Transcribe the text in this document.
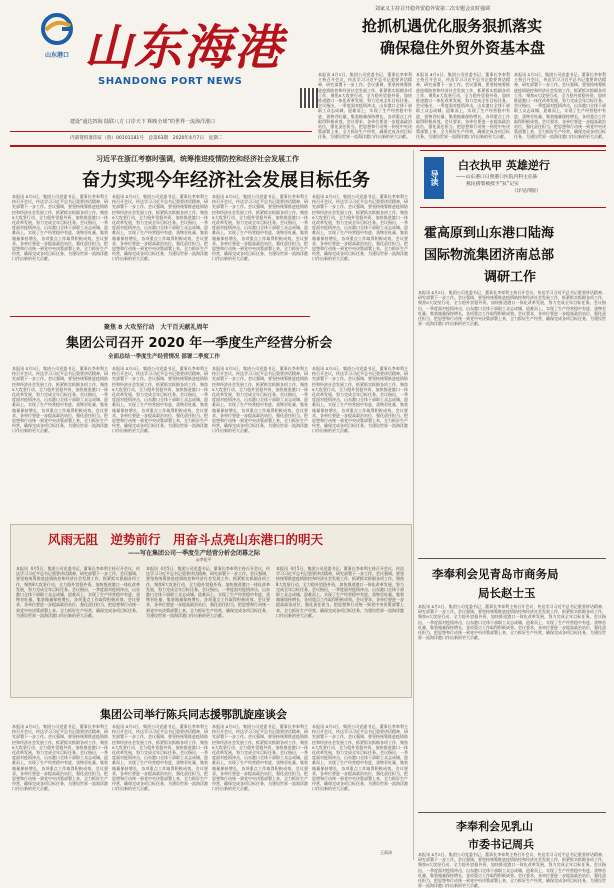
山东港口 山东海港
SHANDONG PORT NEWS
建设“通达四海 陆联八方 口岸天下 辉映全球”的世界一流海洋港口
刘家义主持召开稳外贸稳外资第二次专题会议时强调
抢抓机遇优化服务狠抓落实
确保稳住外贸外资基本盘
本报讯 4月5日，集团公司党委书记、董事长李奉利主持召开会议，传达学习习近平总书记重要讲话精神，研究部署下一步工作。会议强调，要坚持统筹推进疫情防控和经济社会发展工作，抓紧抓实抓细各项工作，聚焦8大攻坚行动，全力稳外贸稳外资，加快推进港口一体化改革发展，努力完成全年目标任务。会议指出，一季度面对疫情冲击，山东港口全体干部职工众志成城、迎难而上，实现了生产经营稳中有进，货物吞吐量、集装箱量保持增长，各项重点工作取得积极成效。会议要求，各单位要进一步提高政治站位，强化责任担当，把思想和行动统一到党中央决策部署上来，全力抓好生产经营，确保完成各项目标任务，为建设世界一流海洋港口作出新的更大贡献。
本报讯 4月5日，集团公司党委书记、董事长李奉利主持召开会议，传达学习习近平总书记重要讲话精神，研究部署下一步工作。会议强调，要坚持统筹推进疫情防控和经济社会发展工作，抓紧抓实抓细各项工作，聚焦8大攻坚行动，全力稳外贸稳外资，加快推进港口一体化改革发展，努力完成全年目标任务。会议指出，一季度面对疫情冲击，山东港口全体干部职工众志成城、迎难而上，实现了生产经营稳中有进，货物吞吐量、集装箱量保持增长，各项重点工作取得积极成效。会议要求，各单位要进一步提高政治站位，强化责任担当，把思想和行动统一到党中央决策部署上来，全力抓好生产经营，确保完成各项目标任务，为建设世界一流海洋港口作出新的更大贡献。
本报讯 4月5日，集团公司党委书记、董事长李奉利主持召开会议，传达学习习近平总书记重要讲话精神，研究部署下一步工作。会议强调，要坚持统筹推进疫情防控和经济社会发展工作，抓紧抓实抓细各项工作，聚焦8大攻坚行动，全力稳外贸稳外资，加快推进港口一体化改革发展，努力完成全年目标任务。会议指出，一季度面对疫情冲击，山东港口全体干部职工众志成城、迎难而上，实现了生产经营稳中有进，货物吞吐量、集装箱量保持增长，各项重点工作取得积极成效。会议要求，各单位要进一步提高政治站位，强化责任担当，把思想和行动统一到党中央决策部署上来，全力抓好生产经营，确保完成各项目标任务，为建设世界一流海洋港口作出新的更大贡献。
内部资料准印证（鲁）00101181号　总第63期　2020年4月7日　星期二
习近平在浙江考察时强调，统筹推进疫情防控和经济社会发展工作
奋力实现今年经济社会发展目标任务
本报讯 4月5日，集团公司党委书记、董事长李奉利主持召开会议，传达学习习近平总书记重要讲话精神，研究部署下一步工作。会议强调，要坚持统筹推进疫情防控和经济社会发展工作，抓紧抓实抓细各项工作，聚焦8大攻坚行动，全力稳外贸稳外资，加快推进港口一体化改革发展，努力完成全年目标任务。会议指出，一季度面对疫情冲击，山东港口全体干部职工众志成城、迎难而上，实现了生产经营稳中有进，货物吞吐量、集装箱量保持增长，各项重点工作取得积极成效。会议要求，各单位要进一步提高政治站位，强化责任担当，把思想和行动统一到党中央决策部署上来，全力抓好生产经营，确保完成各项目标任务，为建设世界一流海洋港口作出新的更大贡献。
本报讯 4月5日，集团公司党委书记、董事长李奉利主持召开会议，传达学习习近平总书记重要讲话精神，研究部署下一步工作。会议强调，要坚持统筹推进疫情防控和经济社会发展工作，抓紧抓实抓细各项工作，聚焦8大攻坚行动，全力稳外贸稳外资，加快推进港口一体化改革发展，努力完成全年目标任务。会议指出，一季度面对疫情冲击，山东港口全体干部职工众志成城、迎难而上，实现了生产经营稳中有进，货物吞吐量、集装箱量保持增长，各项重点工作取得积极成效。会议要求，各单位要进一步提高政治站位，强化责任担当，把思想和行动统一到党中央决策部署上来，全力抓好生产经营，确保完成各项目标任务，为建设世界一流海洋港口作出新的更大贡献。
本报讯 4月5日，集团公司党委书记、董事长李奉利主持召开会议，传达学习习近平总书记重要讲话精神，研究部署下一步工作。会议强调，要坚持统筹推进疫情防控和经济社会发展工作，抓紧抓实抓细各项工作，聚焦8大攻坚行动，全力稳外贸稳外资，加快推进港口一体化改革发展，努力完成全年目标任务。会议指出，一季度面对疫情冲击，山东港口全体干部职工众志成城、迎难而上，实现了生产经营稳中有进，货物吞吐量、集装箱量保持增长，各项重点工作取得积极成效。会议要求，各单位要进一步提高政治站位，强化责任担当，把思想和行动统一到党中央决策部署上来，全力抓好生产经营，确保完成各项目标任务，为建设世界一流海洋港口作出新的更大贡献。
本报讯 4月5日，集团公司党委书记、董事长李奉利主持召开会议，传达学习习近平总书记重要讲话精神，研究部署下一步工作。会议强调，要坚持统筹推进疫情防控和经济社会发展工作，抓紧抓实抓细各项工作，聚焦8大攻坚行动，全力稳外贸稳外资，加快推进港口一体化改革发展，努力完成全年目标任务。会议指出，一季度面对疫情冲击，山东港口全体干部职工众志成城、迎难而上，实现了生产经营稳中有进，货物吞吐量、集装箱量保持增长，各项重点工作取得积极成效。会议要求，各单位要进一步提高政治站位，强化责任担当，把思想和行动统一到党中央决策部署上来，全力抓好生产经营，确保完成各项目标任务，为建设世界一流海洋港口作出新的更大贡献。
导读
白衣执甲 英雄逆行
——山东港口日照港口医院内科主任陈
燕民援鄂被授予“抗”记实
（详见四版）
霍高原到山东港口陆海
国际物流集团济南总部
调研工作
本报讯 4月5日，集团公司党委书记、董事长李奉利主持召开会议，传达学习习近平总书记重要讲话精神，研究部署下一步工作。会议强调，要坚持统筹推进疫情防控和经济社会发展工作，抓紧抓实抓细各项工作，聚焦8大攻坚行动，全力稳外贸稳外资，加快推进港口一体化改革发展，努力完成全年目标任务。会议指出，一季度面对疫情冲击，山东港口全体干部职工众志成城、迎难而上，实现了生产经营稳中有进，货物吞吐量、集装箱量保持增长，各项重点工作取得积极成效。会议要求，各单位要进一步提高政治站位，强化责任担当，把思想和行动统一到党中央决策部署上来，全力抓好生产经营，确保完成各项目标任务，为建设世界一流海洋港口作出新的更大贡献。
聚焦 8 大攻坚行动　大干百天献礼周年
集团公司召开 2020 年一季度生产经营分析会
全面总结一季度生产经营情况 部署二季度工作
本报讯 4月5日，集团公司党委书记、董事长李奉利主持召开会议，传达学习习近平总书记重要讲话精神，研究部署下一步工作。会议强调，要坚持统筹推进疫情防控和经济社会发展工作，抓紧抓实抓细各项工作，聚焦8大攻坚行动，全力稳外贸稳外资，加快推进港口一体化改革发展，努力完成全年目标任务。会议指出，一季度面对疫情冲击，山东港口全体干部职工众志成城、迎难而上，实现了生产经营稳中有进，货物吞吐量、集装箱量保持增长，各项重点工作取得积极成效。会议要求，各单位要进一步提高政治站位，强化责任担当，把思想和行动统一到党中央决策部署上来，全力抓好生产经营，确保完成各项目标任务，为建设世界一流海洋港口作出新的更大贡献。
本报讯 4月5日，集团公司党委书记、董事长李奉利主持召开会议，传达学习习近平总书记重要讲话精神，研究部署下一步工作。会议强调，要坚持统筹推进疫情防控和经济社会发展工作，抓紧抓实抓细各项工作，聚焦8大攻坚行动，全力稳外贸稳外资，加快推进港口一体化改革发展，努力完成全年目标任务。会议指出，一季度面对疫情冲击，山东港口全体干部职工众志成城、迎难而上，实现了生产经营稳中有进，货物吞吐量、集装箱量保持增长，各项重点工作取得积极成效。会议要求，各单位要进一步提高政治站位，强化责任担当，把思想和行动统一到党中央决策部署上来，全力抓好生产经营，确保完成各项目标任务，为建设世界一流海洋港口作出新的更大贡献。
本报讯 4月5日，集团公司党委书记、董事长李奉利主持召开会议，传达学习习近平总书记重要讲话精神，研究部署下一步工作。会议强调，要坚持统筹推进疫情防控和经济社会发展工作，抓紧抓实抓细各项工作，聚焦8大攻坚行动，全力稳外贸稳外资，加快推进港口一体化改革发展，努力完成全年目标任务。会议指出，一季度面对疫情冲击，山东港口全体干部职工众志成城、迎难而上，实现了生产经营稳中有进，货物吞吐量、集装箱量保持增长，各项重点工作取得积极成效。会议要求，各单位要进一步提高政治站位，强化责任担当，把思想和行动统一到党中央决策部署上来，全力抓好生产经营，确保完成各项目标任务，为建设世界一流海洋港口作出新的更大贡献。
本报讯 4月5日，集团公司党委书记、董事长李奉利主持召开会议，传达学习习近平总书记重要讲话精神，研究部署下一步工作。会议强调，要坚持统筹推进疫情防控和经济社会发展工作，抓紧抓实抓细各项工作，聚焦8大攻坚行动，全力稳外贸稳外资，加快推进港口一体化改革发展，努力完成全年目标任务。会议指出，一季度面对疫情冲击，山东港口全体干部职工众志成城、迎难而上，实现了生产经营稳中有进，货物吞吐量、集装箱量保持增长，各项重点工作取得积极成效。会议要求，各单位要进一步提高政治站位，强化责任担当，把思想和行动统一到党中央决策部署上来，全力抓好生产经营，确保完成各项目标任务，为建设世界一流海洋港口作出新的更大贡献。
风雨无阻　逆势前行　用奋斗点亮山东港口的明天
——写在集团公司一季度生产经营分析会闭幕之际
◎李佳平
本报讯 4月5日，集团公司党委书记、董事长李奉利主持召开会议，传达学习习近平总书记重要讲话精神，研究部署下一步工作。会议强调，要坚持统筹推进疫情防控和经济社会发展工作，抓紧抓实抓细各项工作，聚焦8大攻坚行动，全力稳外贸稳外资，加快推进港口一体化改革发展，努力完成全年目标任务。会议指出，一季度面对疫情冲击，山东港口全体干部职工众志成城、迎难而上，实现了生产经营稳中有进，货物吞吐量、集装箱量保持增长，各项重点工作取得积极成效。会议要求，各单位要进一步提高政治站位，强化责任担当，把思想和行动统一到党中央决策部署上来，全力抓好生产经营，确保完成各项目标任务，为建设世界一流海洋港口作出新的更大贡献。
本报讯 4月5日，集团公司党委书记、董事长李奉利主持召开会议，传达学习习近平总书记重要讲话精神，研究部署下一步工作。会议强调，要坚持统筹推进疫情防控和经济社会发展工作，抓紧抓实抓细各项工作，聚焦8大攻坚行动，全力稳外贸稳外资，加快推进港口一体化改革发展，努力完成全年目标任务。会议指出，一季度面对疫情冲击，山东港口全体干部职工众志成城、迎难而上，实现了生产经营稳中有进，货物吞吐量、集装箱量保持增长，各项重点工作取得积极成效。会议要求，各单位要进一步提高政治站位，强化责任担当，把思想和行动统一到党中央决策部署上来，全力抓好生产经营，确保完成各项目标任务，为建设世界一流海洋港口作出新的更大贡献。
本报讯 4月5日，集团公司党委书记、董事长李奉利主持召开会议，传达学习习近平总书记重要讲话精神，研究部署下一步工作。会议强调，要坚持统筹推进疫情防控和经济社会发展工作，抓紧抓实抓细各项工作，聚焦8大攻坚行动，全力稳外贸稳外资，加快推进港口一体化改革发展，努力完成全年目标任务。会议指出，一季度面对疫情冲击，山东港口全体干部职工众志成城、迎难而上，实现了生产经营稳中有进，货物吞吐量、集装箱量保持增长，各项重点工作取得积极成效。会议要求，各单位要进一步提高政治站位，强化责任担当，把思想和行动统一到党中央决策部署上来，全力抓好生产经营，确保完成各项目标任务，为建设世界一流海洋港口作出新的更大贡献。
集团公司举行陈兵同志援鄂凯旋座谈会
本报讯 4月5日，集团公司党委书记、董事长李奉利主持召开会议，传达学习习近平总书记重要讲话精神，研究部署下一步工作。会议强调，要坚持统筹推进疫情防控和经济社会发展工作，抓紧抓实抓细各项工作，聚焦8大攻坚行动，全力稳外贸稳外资，加快推进港口一体化改革发展，努力完成全年目标任务。会议指出，一季度面对疫情冲击，山东港口全体干部职工众志成城、迎难而上，实现了生产经营稳中有进，货物吞吐量、集装箱量保持增长，各项重点工作取得积极成效。会议要求，各单位要进一步提高政治站位，强化责任担当，把思想和行动统一到党中央决策部署上来，全力抓好生产经营，确保完成各项目标任务，为建设世界一流海洋港口作出新的更大贡献。
本报讯 4月5日，集团公司党委书记、董事长李奉利主持召开会议，传达学习习近平总书记重要讲话精神，研究部署下一步工作。会议强调，要坚持统筹推进疫情防控和经济社会发展工作，抓紧抓实抓细各项工作，聚焦8大攻坚行动，全力稳外贸稳外资，加快推进港口一体化改革发展，努力完成全年目标任务。会议指出，一季度面对疫情冲击，山东港口全体干部职工众志成城、迎难而上，实现了生产经营稳中有进，货物吞吐量、集装箱量保持增长，各项重点工作取得积极成效。会议要求，各单位要进一步提高政治站位，强化责任担当，把思想和行动统一到党中央决策部署上来，全力抓好生产经营，确保完成各项目标任务，为建设世界一流海洋港口作出新的更大贡献。
本报讯 4月5日，集团公司党委书记、董事长李奉利主持召开会议，传达学习习近平总书记重要讲话精神，研究部署下一步工作。会议强调，要坚持统筹推进疫情防控和经济社会发展工作，抓紧抓实抓细各项工作，聚焦8大攻坚行动，全力稳外贸稳外资，加快推进港口一体化改革发展，努力完成全年目标任务。会议指出，一季度面对疫情冲击，山东港口全体干部职工众志成城、迎难而上，实现了生产经营稳中有进，货物吞吐量、集装箱量保持增长，各项重点工作取得积极成效。会议要求，各单位要进一步提高政治站位，强化责任担当，把思想和行动统一到党中央决策部署上来，全力抓好生产经营，确保完成各项目标任务，为建设世界一流海洋港口作出新的更大贡献。
本报讯 4月5日，集团公司党委书记、董事长李奉利主持召开会议，传达学习习近平总书记重要讲话精神，研究部署下一步工作。会议强调，要坚持统筹推进疫情防控和经济社会发展工作，抓紧抓实抓细各项工作，聚焦8大攻坚行动，全力稳外贸稳外资，加快推进港口一体化改革发展，努力完成全年目标任务。会议指出，一季度面对疫情冲击，山东港口全体干部职工众志成城、迎难而上，实现了生产经营稳中有进，货物吞吐量、集装箱量保持增长，各项重点工作取得积极成效。会议要求，各单位要进一步提高政治站位，强化责任担当，把思想和行动统一到党中央决策部署上来，全力抓好生产经营，确保完成各项目标任务，为建设世界一流海洋港口作出新的更大贡献。
王禹涛
李奉利会见青岛市商务局
局长赵士玉
本报讯 4月5日，集团公司党委书记、董事长李奉利主持召开会议，传达学习习近平总书记重要讲话精神，研究部署下一步工作。会议强调，要坚持统筹推进疫情防控和经济社会发展工作，抓紧抓实抓细各项工作，聚焦8大攻坚行动，全力稳外贸稳外资，加快推进港口一体化改革发展，努力完成全年目标任务。会议指出，一季度面对疫情冲击，山东港口全体干部职工众志成城、迎难而上，实现了生产经营稳中有进，货物吞吐量、集装箱量保持增长，各项重点工作取得积极成效。会议要求，各单位要进一步提高政治站位，强化责任担当，把思想和行动统一到党中央决策部署上来，全力抓好生产经营，确保完成各项目标任务，为建设世界一流海洋港口作出新的更大贡献。
李奉利会见乳山
市委书记周兵
本报讯 4月5日，集团公司党委书记、董事长李奉利主持召开会议，传达学习习近平总书记重要讲话精神，研究部署下一步工作。会议强调，要坚持统筹推进疫情防控和经济社会发展工作，抓紧抓实抓细各项工作，聚焦8大攻坚行动，全力稳外贸稳外资，加快推进港口一体化改革发展，努力完成全年目标任务。会议指出，一季度面对疫情冲击，山东港口全体干部职工众志成城、迎难而上，实现了生产经营稳中有进，货物吞吐量、集装箱量保持增长，各项重点工作取得积极成效。会议要求，各单位要进一步提高政治站位，强化责任担当，把思想和行动统一到党中央决策部署上来，全力抓好生产经营，确保完成各项目标任务，为建设世界一流海洋港口作出新的更大贡献。
